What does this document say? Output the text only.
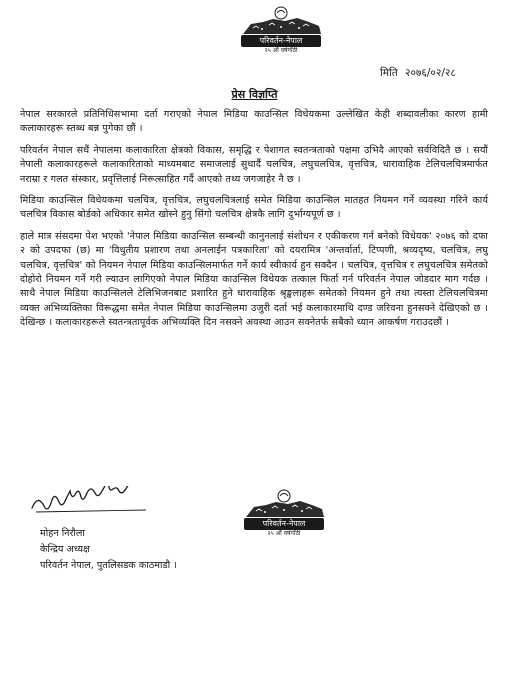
परिवर्तन-नेपाल
२५ औं वर्षगाँठी
मिति २०७६/०२/२८
प्रेस विज्ञप्ति

नेपाल सरकारले प्रतिनिधिसभामा दर्ता गराएको नेपाल मिडिया काउन्सिल विधेयकमा उल्लेखित केही शब्दावलीका कारण हामी कलाकारहरू स्तब्ध बन्न पुगेका छौं ।

परिवर्तन नेपाल सधैं नेपालमा कलाकारिता क्षेत्रको विकास, समृद्धि र पेशागत स्वतन्त्रताको पक्षमा उभिदै आएको सर्वविदितै छ । सयौं नेपाली कलाकारहरूले कलाकारिताको माध्यमबाट समाजलाई सुधार्दै चलचित्र, लघुचलचित्र, वृत्तचित्र, धारावाहिक टेलिचलचित्रमार्फत नराम्रा र गलत संस्कार, प्रवृत्तिलाई निरूत्साहित गर्दै आएको तथ्य जगजाहेर नै छ ।

मिडिया काउन्सिल विधेयकमा चलचित्र, वृत्तचित्र, लघुचलचित्रलाई समेत मिडिया काउन्सिल मातहत नियमन गर्ने व्यवस्था गरिने कार्य चलचित्र विकास बोर्डको अधिकार समेत खोस्ने हुनु सिंगो चलचित्र क्षेत्रकै लागि दुर्भाग्यपूर्ण छ ।

हाले मात्र संसदमा पेश भएको 'नेपाल मिडिया काउन्सिल सम्बन्धी कानुनलाई संशोधन र एकीकरण गर्न बनेको विधेयक' २०७६ को दफा २ को उपदफा (छ) मा 'विधुतीय प्रशारण तथा अनलाईन पत्रकारिता' को दयरामित्र 'अन्तर्वार्ता, टिप्पणी, श्रव्यदृष्य, चलचित्र, लघु चलचित्र, वृत्तचित्र' को नियमन नेपाल मिडिया काउन्सिलमार्फत गर्ने कार्य स्वीकार्य हुन सक्दैन । चलचित्र, वृत्तचित्र र लघुचलचित्र समेतको दोहोरो नियमन गर्ने गरी ल्याउन लागिएको नेपाल मिडिया काउन्सिल विधेयक तत्काल फिर्ता गर्न परिवर्तन नेपाल जोडदार माग गर्दछ । साथै नेपाल मिडिया काउन्सिलले टेलिभिजनबाट प्रशारित हुने धारावाहिक श्रृङ्खलाहरू समेतको नियमन हुने तथा त्यस्ता टेलिचलचित्रमा व्यक्त अभिव्यक्तिका विरूद्धमा समेत नेपाल मिडिया काउन्सिलमा उजुरी दर्ता भई कलाकारमाथि दण्ड जरिवना हुनसक्ने देखिएको छ । देखिन्छ । कलाकारहरूले स्वतन्त्रतापूर्वक अभिव्यक्ति दिन नसक्ने अवस्था आउन सक्नेतर्फ सबैको ध्यान आकर्षण गराउदछौं ।

परिवर्तन-नेपाल
२५ औं वर्षगाँठी
मोहन निरौला
केन्द्रिय अध्यक्ष
परिवर्तन नेपाल, पुतलिसडक काठमाडौ ।
